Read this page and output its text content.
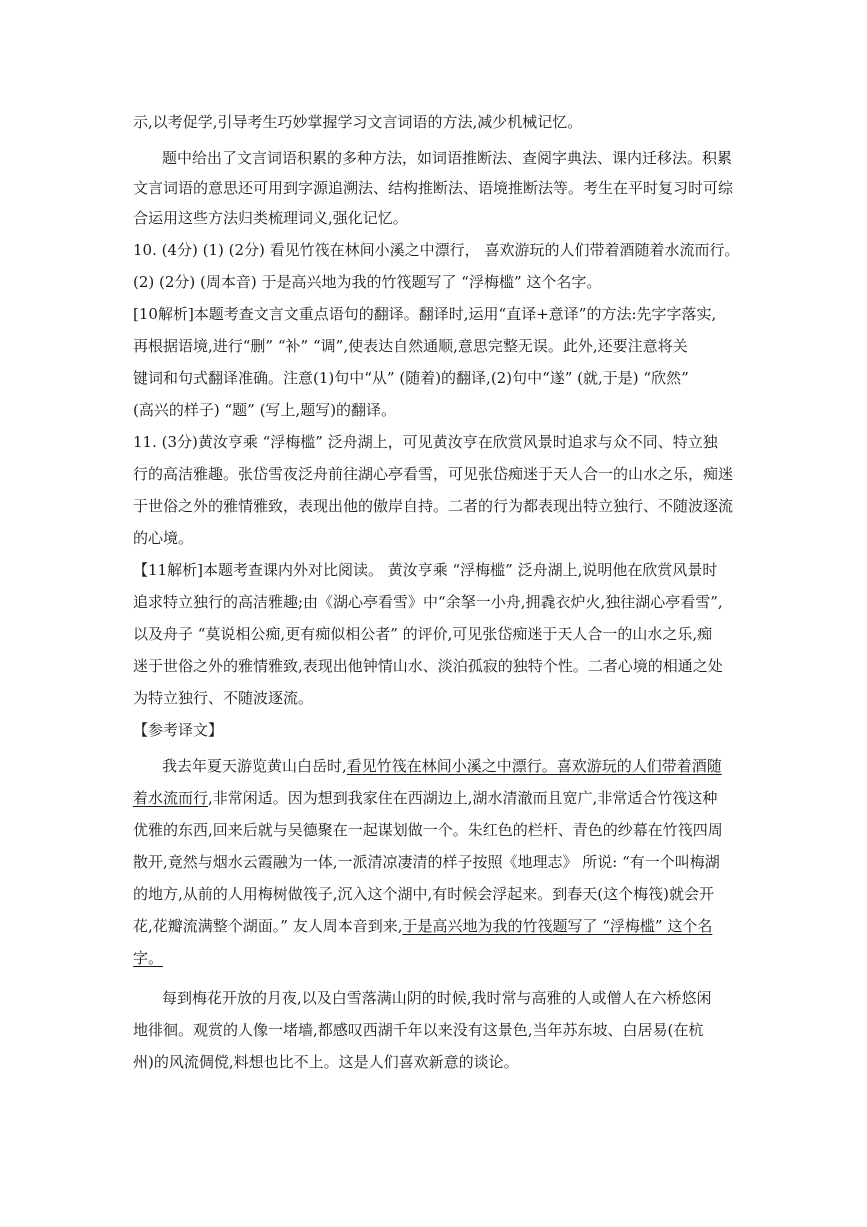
示,以考促学,引导考生巧妙掌握学习文言词语的方法,减少机械记忆。
题中给出了文言词语积累的多种方法，如词语推断法、查阅字典法、课内迁移法。积累
文言词语的意思还可用到字源追溯法、结构推断法、语境推断法等。考生在平时复习时可综
合运用这些方法归类梳理词义,强化记忆。
10. (4分) (1) (2分) 看见竹筏在林间小溪之中漂行， 喜欢游玩的人们带着酒随着水流而行。
(2) (2分) (周本音) 于是高兴地为我的竹筏题写了 “浮梅槛” 这个名字。
[10解析]本题考查文言文重点语句的翻译。翻译时,运用“直译+意译”的方法:先字字落实,
再根据语境,进行“删” “补” “调”,使表达自然通顺,意思完整无误。此外,还要注意将关
键词和句式翻译准确。注意(1)句中“从” (随着)的翻译,(2)句中“遂” (就,于是) “欣然”
(高兴的样子) “题” (写上,题写)的翻译。
11. (3分)黄汝亨乘 “浮梅槛” 泛舟湖上，可见黄汝亨在欣赏风景时追求与众不同、特立独
行的高洁雅趣。张岱雪夜泛舟前往湖心亭看雪，可见张岱痴迷于天人合一的山水之乐，痴迷
于世俗之外的雅情雅致，表现出他的傲岸自持。二者的行为都表现出特立独行、不随波逐流
的心境。
【11解析]本题考查课内外对比阅读。 黄汝亨乘 “浮梅槛” 泛舟湖上,说明他在欣赏风景时
追求特立独行的高洁雅趣;由《湖心亭看雪》中“余拏一小舟,拥毳衣炉火,独往湖心亭看雪”,
以及舟子 “莫说相公痴,更有痴似相公者” 的评价,可见张岱痴迷于天人合一的山水之乐,痴
迷于世俗之外的雅情雅致,表现出他钟情山水、淡泊孤寂的独特个性。二者心境的相通之处
为特立独行、不随波逐流。
【参考译文】
我去年夏天游览黄山白岳时,看见竹筏在林间小溪之中漂行。喜欢游玩的人们带着酒随
着水流而行,非常闲适。因为想到我家住在西湖边上,湖水清澈而且宽广,非常适合竹筏这种
优雅的东西,回来后就与吴德聚在一起谋划做一个。朱红色的栏杆、青色的纱幕在竹筏四周
散开,竟然与烟水云霞融为一体,一派清凉凄清的样子按照《地理志》 所说: “有一个叫梅湖
的地方,从前的人用梅树做筏子,沉入这个湖中,有时候会浮起来。到春天(这个梅筏)就会开
花,花瓣流满整个湖面。” 友人周本音到来,于是高兴地为我的竹筏题写了 “浮梅槛” 这个名
字。
每到梅花开放的月夜,以及白雪落满山阴的时候,我时常与高雅的人或僧人在六桥悠闲
地徘徊。观赏的人像一堵墙,都感叹西湖千年以来没有这景色,当年苏东坡、白居易(在杭
州)的风流倜傥,料想也比不上。这是人们喜欢新意的谈论。
